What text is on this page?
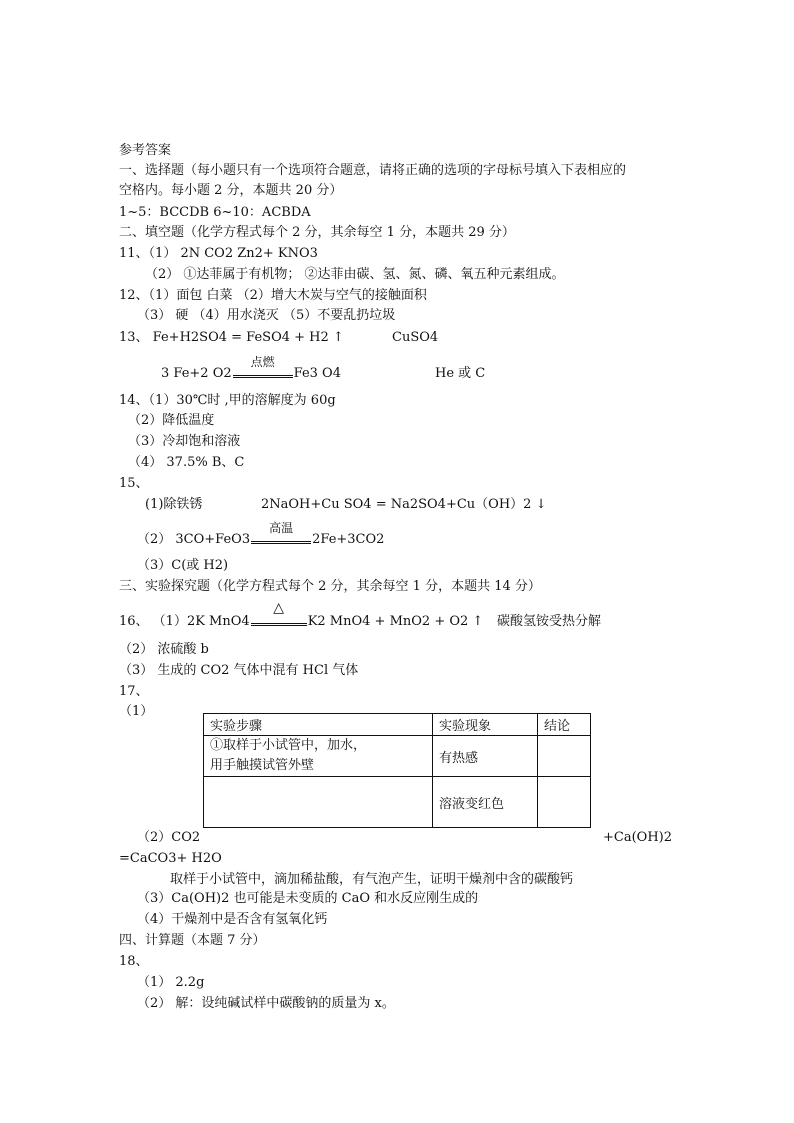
参考答案
一、选择题（每小题只有一个选项符合题意，请将正确的选项的字母标号填入下表相应的
空格内。每小题 2 分，本题共 20 分）
1~5：BCCDB 6~10：ACBDA
二、填空题（化学方程式每个 2 分，其余每空 1 分，本题共 29 分）
11、（1） 2N CO2 Zn2+ KNO3
（2） ①达菲属于有机物； ②达菲由碳、氢、氮、磷、氧五种元素组成。
12、（1）面包 白菜 （2）增大木炭与空气的接触面积
（3） 硬 （4）用水浇灭 （5）不要乱扔垃圾
13、 Fe+H2SO4 = FeSO4 + H2 ↑	CuSO4
3 Fe+2 O2
点燃
Fe3 O4	He 或 C
14、（1）30℃时 ,甲的溶解度为 60g
（2）降低温度
（3）冷却饱和溶液
（4） 37.5% B、C
15、
(1)除铁锈	2NaOH+Cu SO4 = Na2SO4+Cu（OH）2 ↓
（2） 3CO+FeO3
高温
2Fe+3CO2
（3）C(或 H2)
三、实验探究题（化学方程式每个 2 分，其余每空 1 分，本题共 14 分）
16、 （1）2K MnO4
△
K2 MnO4 + MnO2 + O2 ↑ 碳酸氢铵受热分解
（2） 浓硫酸 b
（3） 生成的 CO2 气体中混有 HCl 气体
17、
（1）
实验步骤	实验现象	结论

①取样于小试管中，加水，
用手触摸试管外壁	有热感	
	溶液变红色	
（2）CO2	+Ca(OH)2
=CaCO3+ H2O
取样于小试管中，滴加稀盐酸，有气泡产生，证明干燥剂中含的碳酸钙
（3）Ca(OH)2 也可能是未变质的 CaO 和水反应刚生成的
（4）干燥剂中是否含有氢氧化钙
四、计算题（本题 7 分）
18、
（1） 2.2g
（2） 解：设纯碱试样中碳酸钠的质量为 x。
